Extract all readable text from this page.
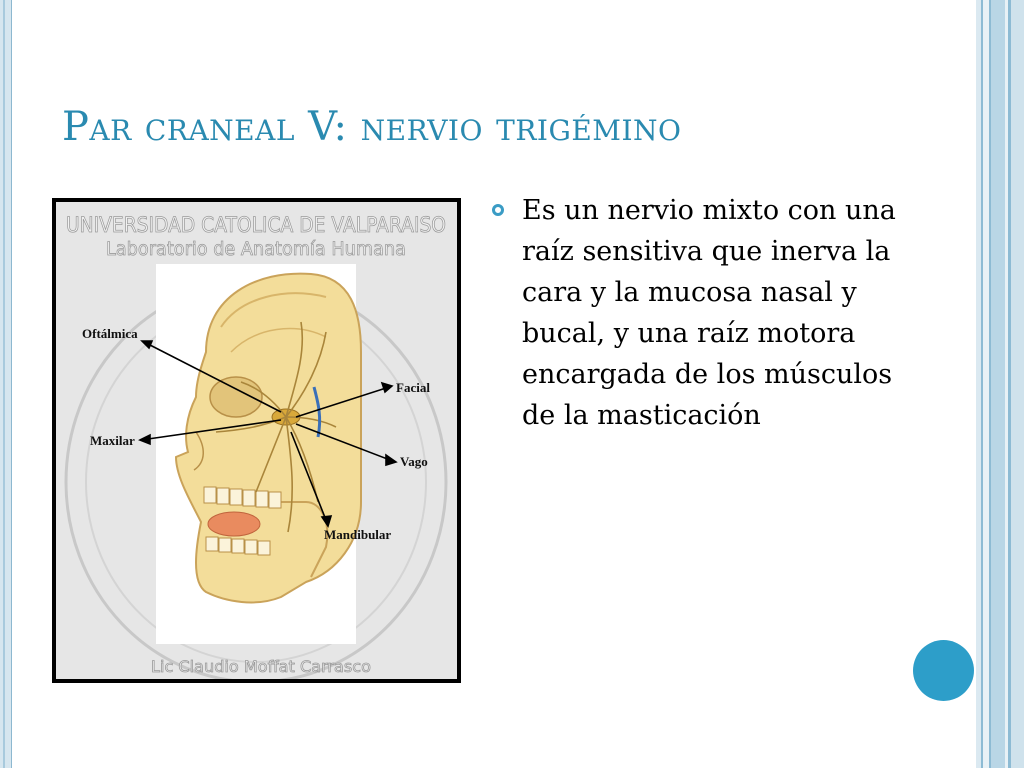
Par craneal V: nervio trigémino
UNIVERSIDAD CATOLICA DE VALPARAISO
Laboratorio de Anatomía Humana
Lic Claudio Moffat Carrasco
Oftálmica
Facial
Maxilar
Vago
Mandibular
Es un nervio mixto con una raíz sensitiva que inerva la cara y la mucosa nasal y bucal, y una raíz motora encargada de los músculos de la masticación
